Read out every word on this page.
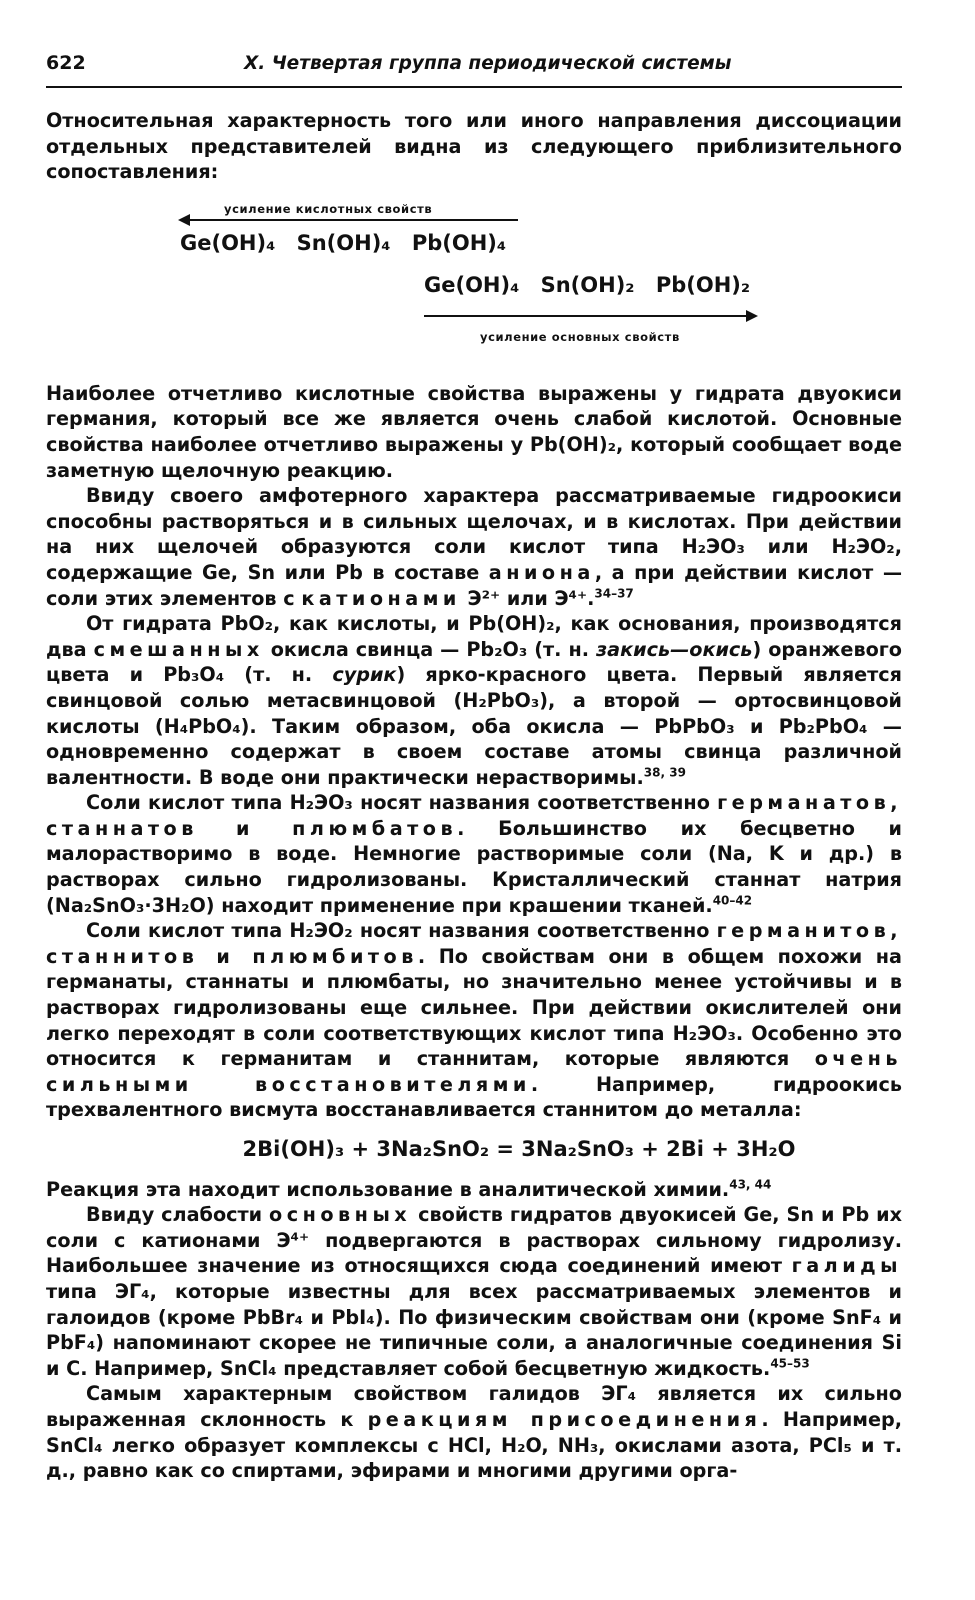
622	X. Четвертая группа периодической системы

Относительная характерность того или иного направления диссоциации отдельных представителей видна из следующего приблизительного сопоставления:

усиление кислотных свойств
Ge(OH)₄ Sn(OH)₄ Pb(OH)₄
Ge(OH)₄ Sn(OH)₂ Pb(OH)₂
усиление основных свойств

Наиболее отчетливо кислотные свойства выражены у гидрата двуокиси германия, который все же является очень слабой кислотой. Основные свойства наиболее отчетливо выражены у Pb(OH)₂, который сообщает воде заметную щелочную реакцию.

Ввиду своего амфотерного характера рассматриваемые гидроокиси способны растворяться и в сильных щелочах, и в кислотах. При действии на них щелочей образуются соли кислот типа H₂ЭO₃ или H₂ЭO₂, содержащие Ge, Sn или Pb в составе аниона, а при действии кислот — соли этих элементов с катионами Э²⁺ или Э⁴⁺.$^{34-37}$

От гидрата PbO₂, как кислоты, и Pb(OH)₂, как основания, производятся два смешанных окисла свинца — Pb₂O₃ (т. н. закись—окись) оранжевого цвета и Pb₃O₄ (т. н. сурик) ярко-красного цвета. Первый является свинцовой солью метасвинцовой (H₂PbO₃), а второй — ортосвинцовой кислоты (H₄PbO₄). Таким образом, оба окисла — PbPbO₃ и Pb₂PbO₄ — одновременно содержат в своем составе атомы свинца различной валентности. В воде они практически нерастворимы.$^{38, 39}$

Соли кислот типа H₂ЭO₃ носят названия соответственно германатов, станнатов и плюмбатов. Большинство их бесцветно и малорастворимо в воде. Немногие растворимые соли (Na, K и др.) в растворах сильно гидролизованы. Кристаллический станнат натрия (Na₂SnO₃·3H₂O) находит применение при крашении тканей.$^{40-42}$

Соли кислот типа H₂ЭO₂ носят названия соответственно германитов, станнитов и плюмбитов. По свойствам они в общем похожи на германаты, станнаты и плюмбаты, но значительно менее устойчивы и в растворах гидролизованы еще сильнее. При действии окислителей они легко переходят в соли соответствующих кислот типа H₂ЭO₃. Особенно это относится к германитам и станнитам, которые являются очень сильными восстановителями. Например, гидроокись трехвалентного висмута восстанавливается станнитом до металла:

2Bi(OH)₃ + 3Na₂SnO₂ = 3Na₂SnO₃ + 2Bi + 3H₂O

Реакция эта находит использование в аналитической химии.$^{43, 44}$

Ввиду слабости основных свойств гидратов двуокисей Ge, Sn и Pb их соли с катионами Э⁴⁺ подвергаются в растворах сильному гидролизу. Наибольшее значение из относящихся сюда соединений имеют галиды типа ЭГ₄, которые известны для всех рассматриваемых элементов и галоидов (кроме PbBr₄ и PbI₄). По физическим свойствам они (кроме SnF₄ и PbF₄) напоминают скорее не типичные соли, а аналогичные соединения Si и C. Например, SnCl₄ представляет собой бесцветную жидкость.$^{45-53}$

Самым характерным свойством галидов ЭГ₄ является их сильно выраженная склонность к реакциям присоединения. Например, SnCl₄ легко образует комплексы с HCl, H₂O, NH₃, окислами азота, PCl₅ и т. д., равно как со спиртами, эфирами и многими другими орга-
